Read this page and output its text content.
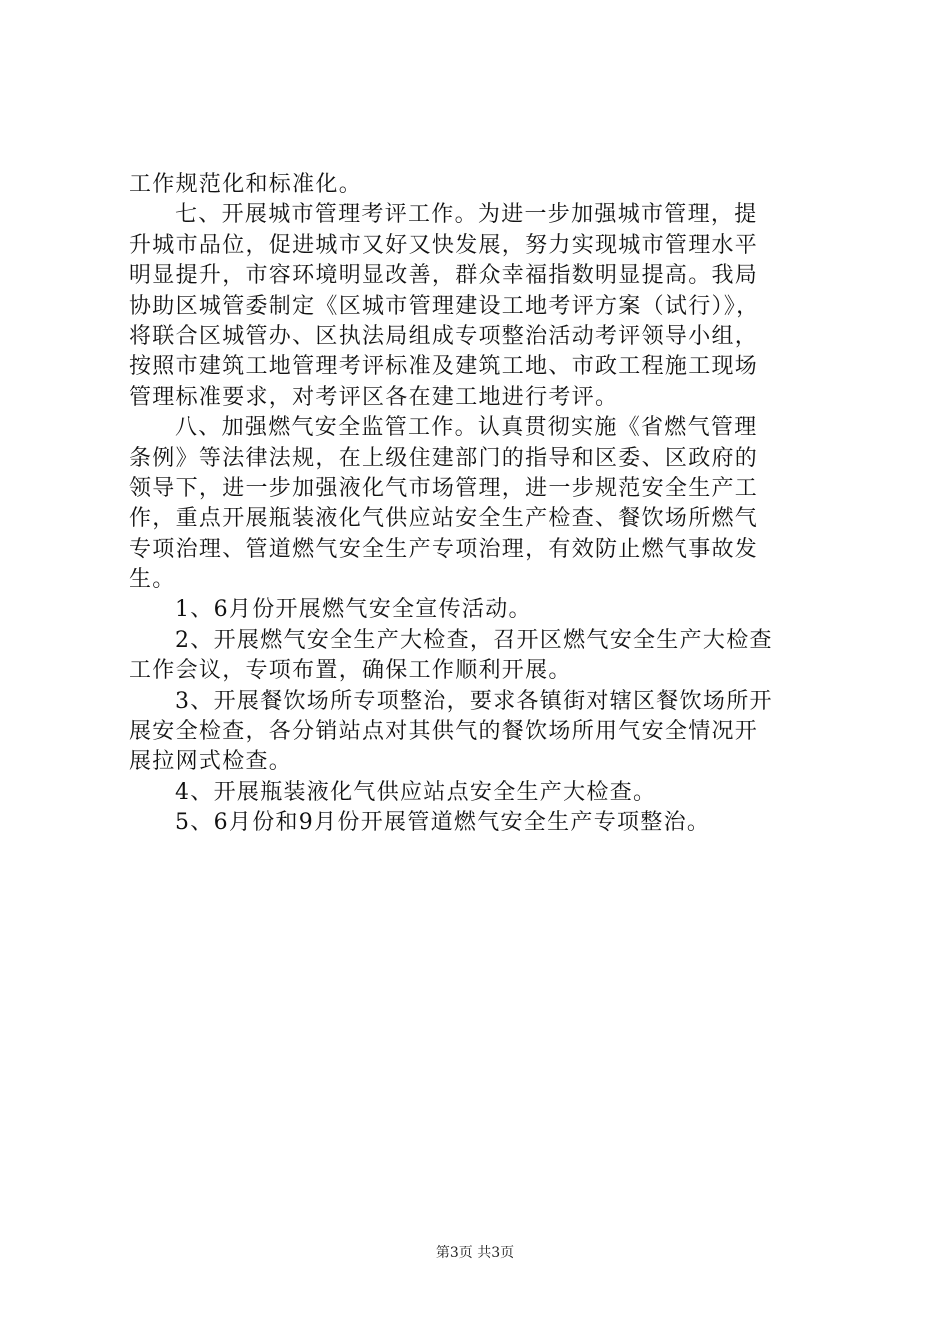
工作规范化和标准化。
七、开展城市管理考评工作。为进一步加强城市管理，提
升城市品位，促进城市又好又快发展，努力实现城市管理水平
明显提升，市容环境明显改善，群众幸福指数明显提高。我局
协助区城管委制定《区城市管理建设工地考评方案（试行）》，
将联合区城管办、区执法局组成专项整治活动考评领导小组，
按照市建筑工地管理考评标准及建筑工地、市政工程施工现场
管理标准要求，对考评区各在建工地进行考评。
八、加强燃气安全监管工作。认真贯彻实施《省燃气管理
条例》等法律法规，在上级住建部门的指导和区委、区政府的
领导下，进一步加强液化气市场管理，进一步规范安全生产工
作，重点开展瓶装液化气供应站安全生产检查、餐饮场所燃气
专项治理、管道燃气安全生产专项治理，有效防止燃气事故发
生。
1、6月份开展燃气安全宣传活动。
2、开展燃气安全生产大检查，召开区燃气安全生产大检查
工作会议，专项布置，确保工作顺利开展。
3、开展餐饮场所专项整治，要求各镇街对辖区餐饮场所开
展安全检查，各分销站点对其供气的餐饮场所用气安全情况开
展拉网式检查。
4、开展瓶装液化气供应站点安全生产大检查。
5、6月份和9月份开展管道燃气安全生产专项整治。
第3页 共3页
